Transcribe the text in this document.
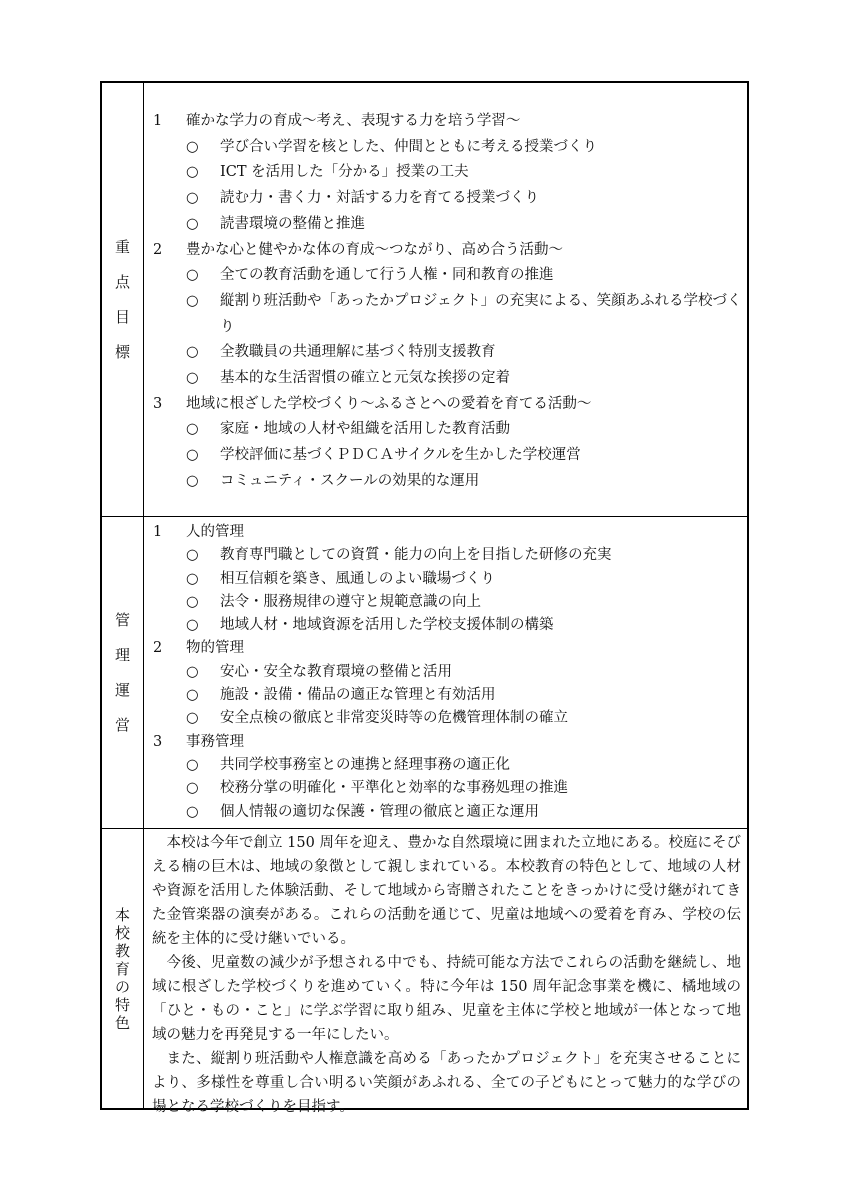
重
点
目
標
1 確かな学力の育成～考え、表現する力を培う学習～
○ 学び合い学習を核とした、仲間とともに考える授業づくり
○ ICT を活用した「分かる」授業の工夫
○ 読む力・書く力・対話する力を育てる授業づくり
○ 読書環境の整備と推進
2 豊かな心と健やかな体の育成～つながり、高め合う活動～
○ 全ての教育活動を通して行う人権・同和教育の推進
○ 縦割り班活動や「あったかプロジェクト」の充実による、笑顔あふれる学校づくり
○ 全教職員の共通理解に基づく特別支援教育
○ 基本的な生活習慣の確立と元気な挨拶の定着
3 地域に根ざした学校づくり～ふるさとへの愛着を育てる活動～
○ 家庭・地域の人材や組織を活用した教育活動
○ 学校評価に基づくＰＤＣＡサイクルを生かした学校運営
○ コミュニティ・スクールの効果的な運用
管
理
運
営
1 人的管理
○ 教育専門職としての資質・能力の向上を目指した研修の充実
○ 相互信頼を築き、風通しのよい職場づくり
○ 法令・服務規律の遵守と規範意識の向上
○ 地域人材・地域資源を活用した学校支援体制の構築
2 物的管理
○ 安心・安全な教育環境の整備と活用
○ 施設・設備・備品の適正な管理と有効活用
○ 安全点検の徹底と非常変災時等の危機管理体制の確立
3 事務管理
○ 共同学校事務室との連携と経理事務の適正化
○ 校務分掌の明確化・平準化と効率的な事務処理の推進
○ 個人情報の適切な保護・管理の徹底と適正な運用
本
校
教
育
の
特
色

本校は今年で創立 150 周年を迎え、豊かな自然環境に囲まれた立地にある。校庭にそびえる楠の巨木は、地域の象徴として親しまれている。本校教育の特色として、地域の人材や資源を活用した体験活動、そして地域から寄贈されたことをきっかけに受け継がれてきた金管楽器の演奏がある。これらの活動を通じて、児童は地域への愛着を育み、学校の伝統を主体的に受け継いでいる。

今後、児童数の減少が予想される中でも、持続可能な方法でこれらの活動を継続し、地域に根ざした学校づくりを進めていく。特に今年は 150 周年記念事業を機に、橘地域の「ひと・もの・こと」に学ぶ学習に取り組み、児童を主体に学校と地域が一体となって地域の魅力を再発見する一年にしたい。

また、縦割り班活動や人権意識を高める「あったかプロジェクト」を充実させることにより、多様性を尊重し合い明るい笑顔があふれる、全ての子どもにとって魅力的な学びの場となる学校づくりを目指す。
